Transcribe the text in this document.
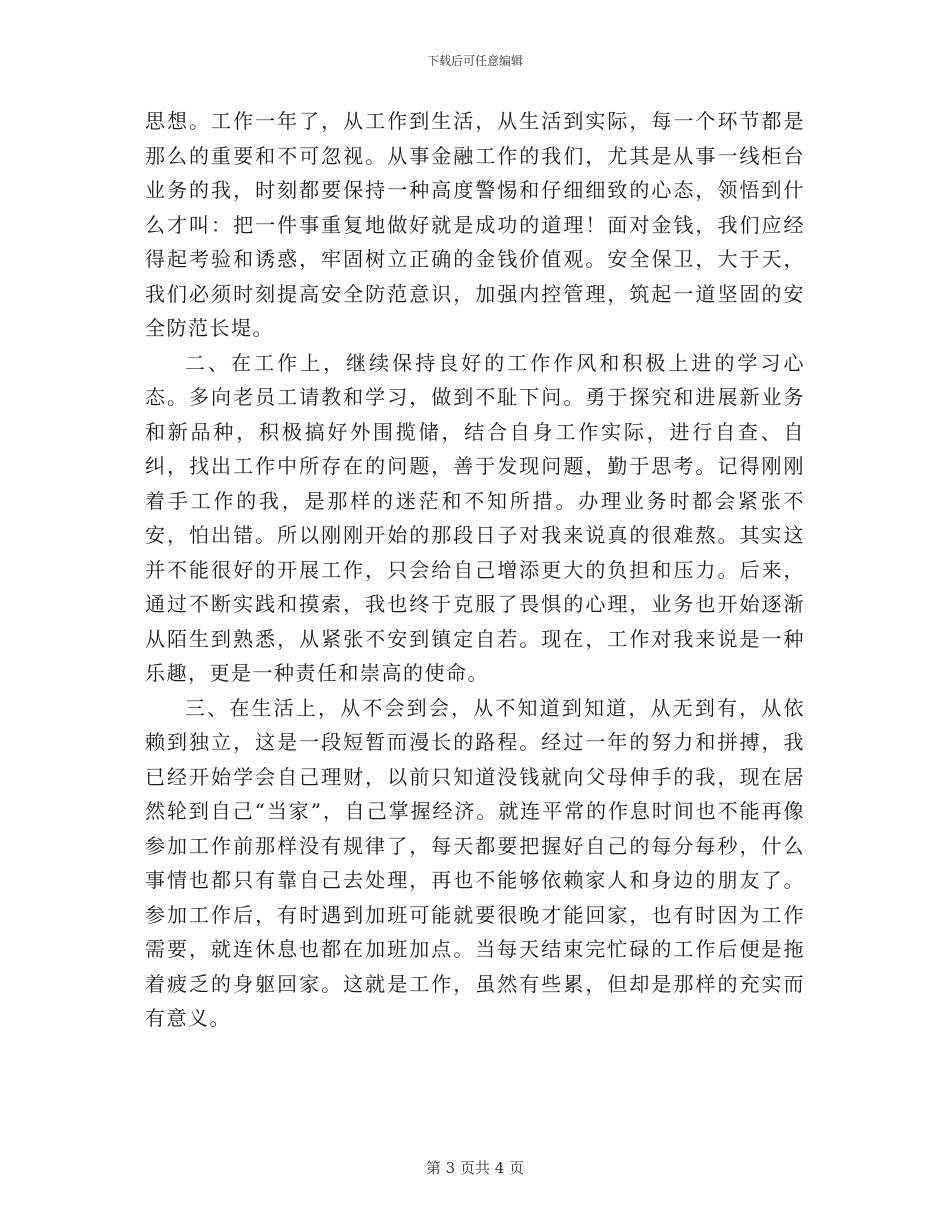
下载后可任意编辑

思想。工作一年了，从工作到生活，从生活到实际，每一个环节都是那么的重要和不可忽视。从事金融工作的我们，尤其是从事一线柜台业务的我，时刻都要保持一种高度警惕和仔细细致的心态，领悟到什么才叫：把一件事重复地做好就是成功的道理！面对金钱，我们应经得起考验和诱惑，牢固树立正确的金钱价值观。安全保卫，大于天，我们必须时刻提高安全防范意识，加强内控管理，筑起一道坚固的安全防范长堤。

二、在工作上，继续保持良好的工作作风和积极上进的学习心态。多向老员工请教和学习，做到不耻下问。勇于探究和进展新业务和新品种，积极搞好外围揽储，结合自身工作实际，进行自查、自纠，找出工作中所存在的问题，善于发现问题，勤于思考。记得刚刚着手工作的我，是那样的迷茫和不知所措。办理业务时都会紧张不安，怕出错。所以刚刚开始的那段日子对我来说真的很难熬。其实这并不能很好的开展工作，只会给自己增添更大的负担和压力。后来，通过不断实践和摸索，我也终于克服了畏惧的心理，业务也开始逐渐从陌生到熟悉，从紧张不安到镇定自若。现在，工作对我来说是一种乐趣，更是一种责任和崇高的使命。

三、在生活上，从不会到会，从不知道到知道，从无到有，从依赖到独立，这是一段短暂而漫长的路程。经过一年的努力和拼搏，我已经开始学会自己理财，以前只知道没钱就向父母伸手的我，现在居然轮到自己“当家”，自己掌握经济。就连平常的作息时间也不能再像参加工作前那样没有规律了，每天都要把握好自己的每分每秒，什么事情也都只有靠自己去处理，再也不能够依赖家人和身边的朋友了。参加工作后，有时遇到加班可能就要很晚才能回家，也有时因为工作需要，就连休息也都在加班加点。当每天结束完忙碌的工作后便是拖着疲乏的身躯回家。这就是工作，虽然有些累，但却是那样的充实而有意义。

第 3 页共 4 页
